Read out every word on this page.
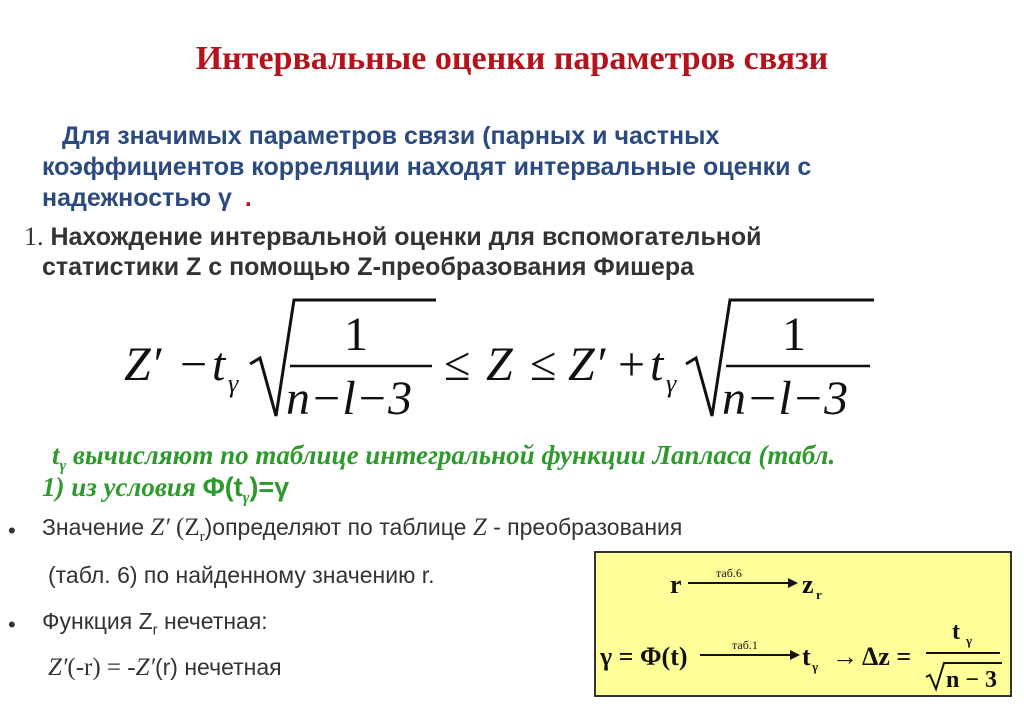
Интервальные оценки параметров связи
Для значимых параметров связи (парных и частных
коэффициентов корреляции находят интервальные оценки с
надежностью γ .
1. Нахождение интервальной оценки для вспомогательной
статистики Z с помощью Z-преобразования Фишера
Z′ − t γ
1
n−l−3
≤ Z ≤ Z′ + t γ
1
n−l−3
$t_\gamma$ вычисляют по таблице интегральной функции Лапласа (табл.
1) из условия $\Phi(t_\gamma)=\gamma$
• Значение Z′ $(Z_r)определяют$ по таблице Z - преобразования
(табл. 6) по найденному значению r.
• Функция $Z_r$ нечетная:
Z′(-r) = -Z′(r) нечетная
r	таб.6 z r
γ = Φ(t)	таб.1 t γ → Δz =
t γ
n − 3
